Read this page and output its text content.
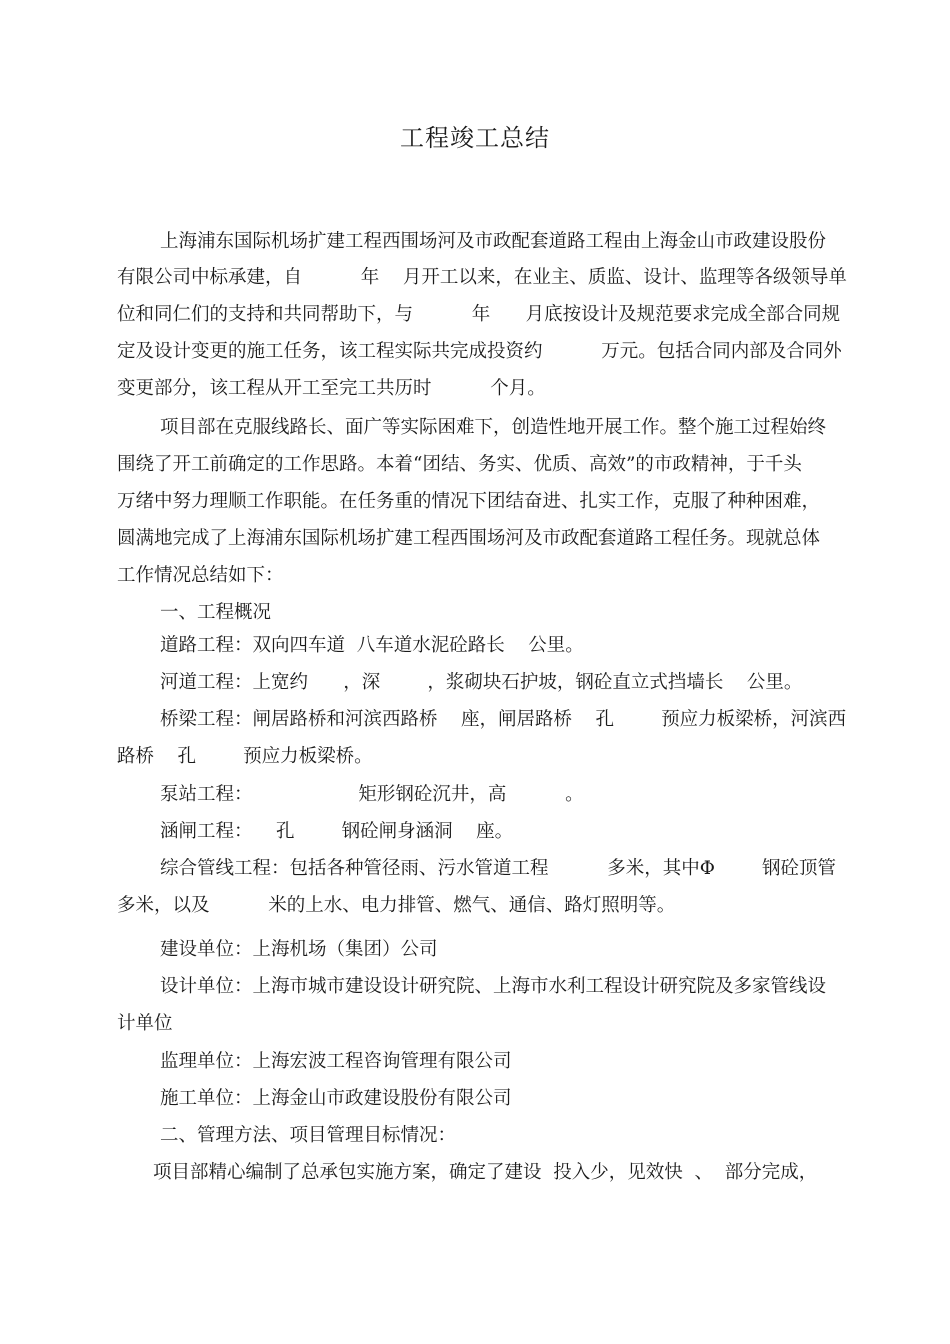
工程竣工总结
上海浦东国际机场扩建工程西围场河及市政配套道路工程由上海金山市政建设股份
有限公司中标承建，自          年    月开工以来，在业主、质监、设计、监理等各级领导单
位和同仁们的支持和共同帮助下，与          年      月底按设计及规范要求完成全部合同规
定及设计变更的施工任务，该工程实际共完成投资约          万元。包括合同内部及合同外
变更部分，该工程从开工至完工共历时          个月。
项目部在克服线路长、面广等实际困难下，创造性地开展工作。整个施工过程始终
围绕了开工前确定的工作思路。本着“团结、务实、优质、高效”的市政精神，于千头
万绪中努力理顺工作职能。在任务重的情况下团结奋进、扎实工作，克服了种种困难，
圆满地完成了上海浦东国际机场扩建工程西围场河及市政配套道路工程任务。现就总体
工作情况总结如下：
一、工程概况
道路工程：双向四车道  八车道水泥砼路长    公里。
河道工程：上宽约      ，深        ，浆砌块石护坡，钢砼直立式挡墙长    公里。
桥梁工程：闸居路桥和河滨西路桥    座，闸居路桥    孔        预应力板梁桥，河滨西
路桥    孔        预应力板梁桥。
泵站工程：                  矩形钢砼沉井，高          。
涵闸工程：    孔        钢砼闸身涵洞    座。
综合管线工程：包括各种管径雨、污水管道工程          多米，其中Φ        钢砼顶管
多米，以及          米的上水、电力排管、燃气、通信、路灯照明等。
建设单位：上海机场（集团）公司
设计单位：上海市城市建设设计研究院、上海市水利工程设计研究院及多家管线设
计单位
监理单位：上海宏波工程咨询管理有限公司
施工单位：上海金山市政建设股份有限公司
二、管理方法、项目管理目标情况：
项目部精心编制了总承包实施方案，确定了建设  投入少，见效快  、  部分完成，
